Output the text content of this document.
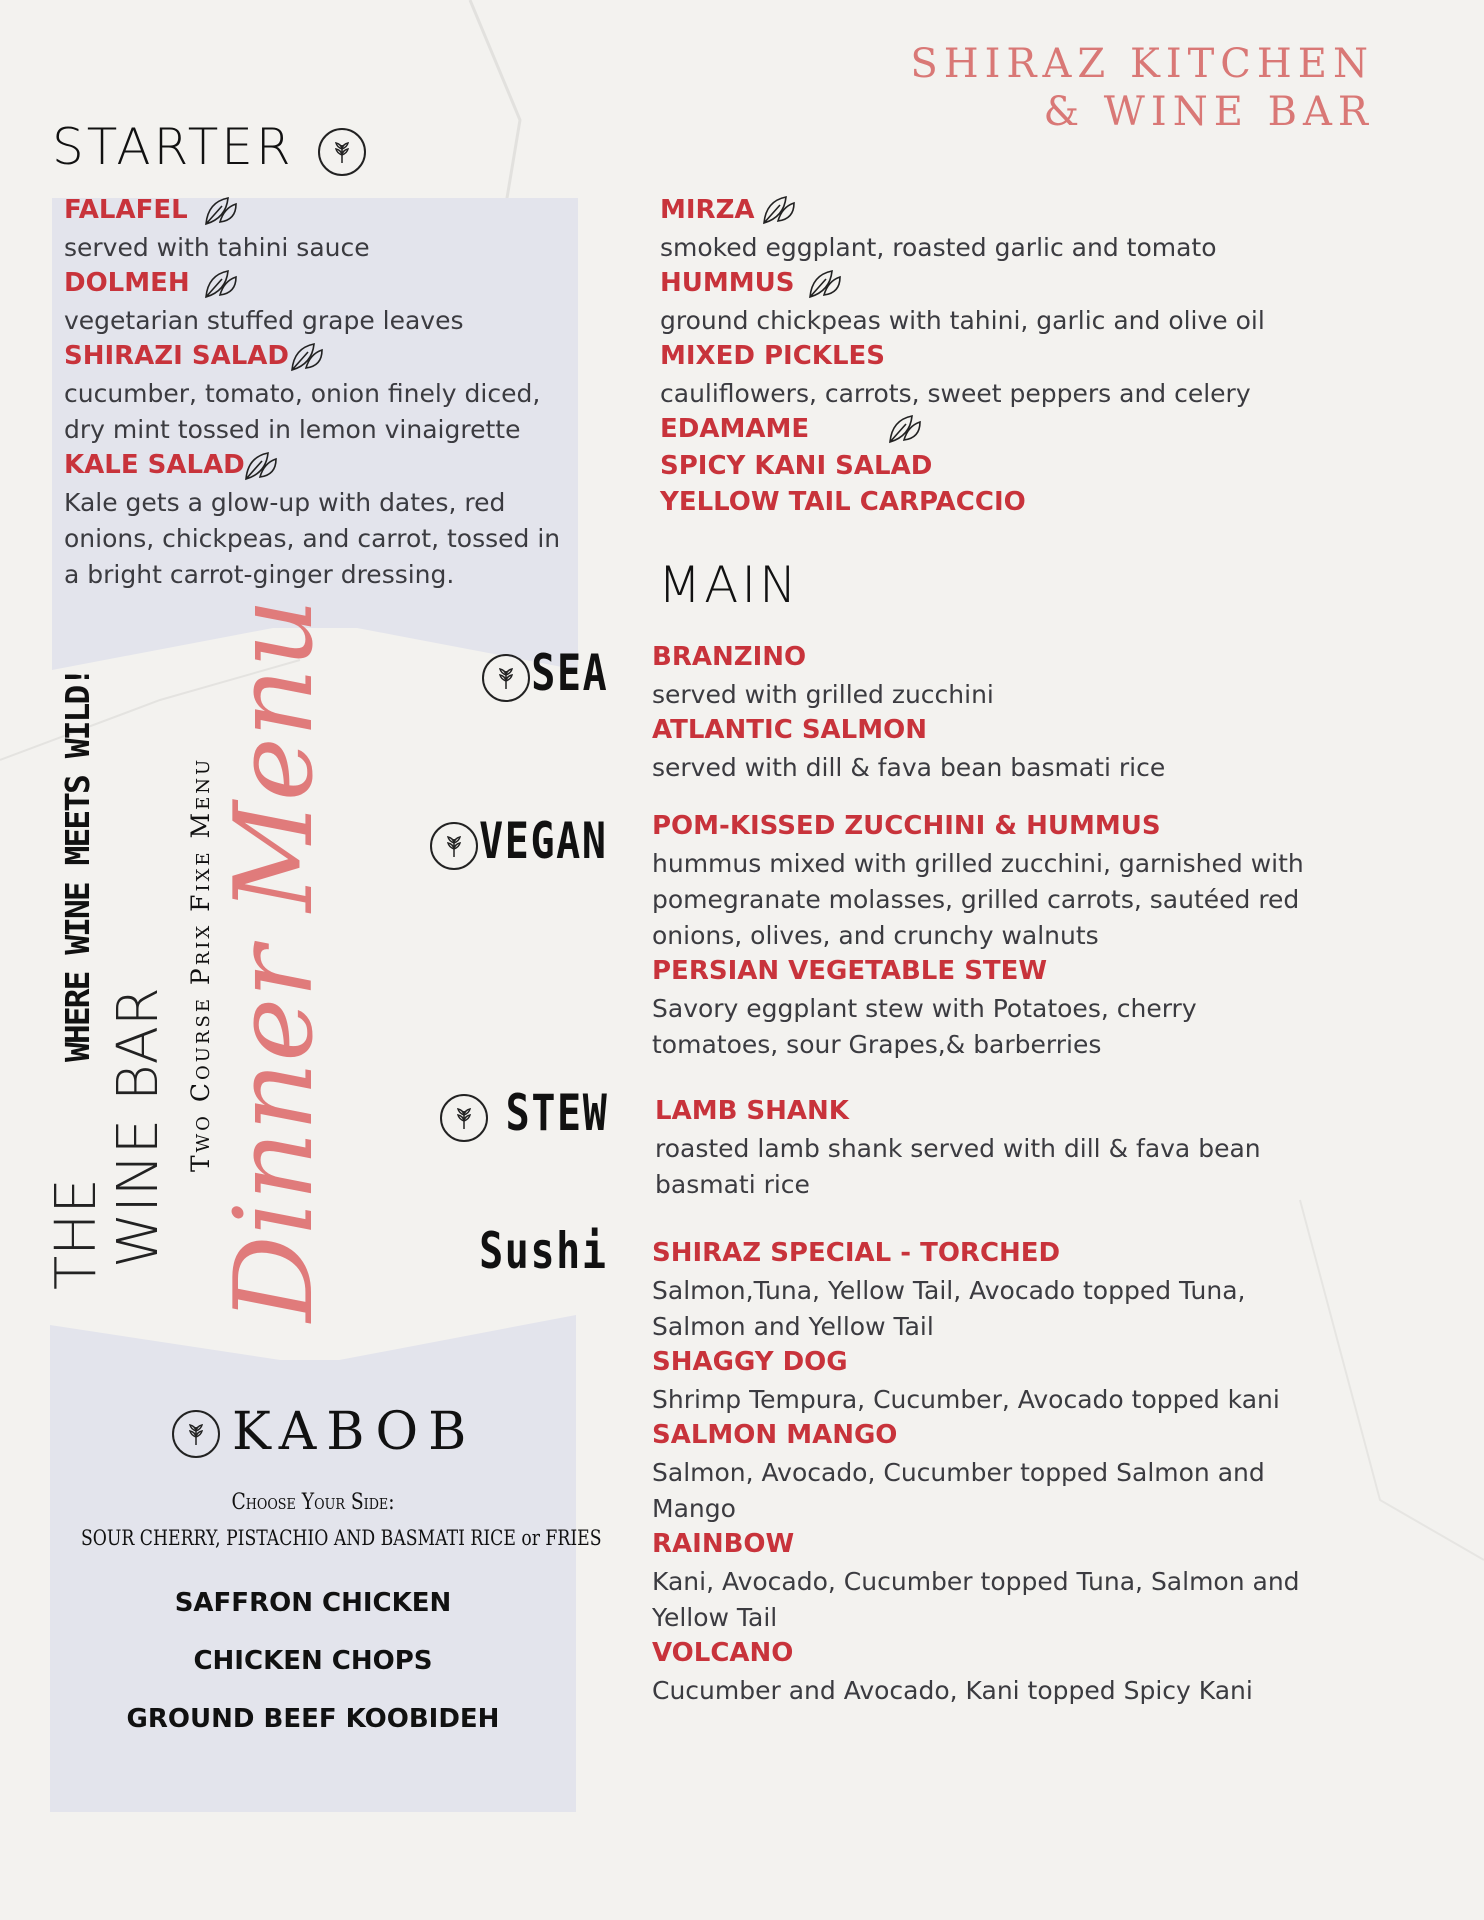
SHIRAZ KITCHEN
& WINE BAR
STARTER
FALAFEL
served with tahini sauce
DOLMEH
vegetarian stuffed grape leaves
SHIRAZI SALAD
cucumber, tomato, onion finely diced,
dry mint tossed in lemon vinaigrette
KALE SALAD
Kale gets a glow-up with dates, red
onions, chickpeas, and carrot, tossed in
a bright carrot-ginger dressing.
MIRZA
smoked eggplant, roasted garlic and tomato
HUMMUS
ground chickpeas with tahini, garlic and olive oil
MIXED PICKLES
cauliflowers, carrots, sweet peppers and celery
EDAMAME
SPICY KANI SALAD
YELLOW TAIL CARPACCIO
MAIN
SEA BRANZINO
served with grilled zucchini
ATLANTIC SALMON
served with dill & fava bean basmati rice
VEGAN POM-KISSED ZUCCHINI & HUMMUS
hummus mixed with grilled zucchini, garnished with
pomegranate molasses, grilled carrots, sautéed red
onions, olives, and crunchy walnuts
PERSIAN VEGETABLE STEW
Savory eggplant stew with Potatoes, cherry
tomatoes, sour Grapes,& barberries
STEW LAMB SHANK
roasted lamb shank served with dill & fava bean
basmati rice
Sushi SHIRAZ SPECIAL - TORCHED
Salmon,Tuna, Yellow Tail, Avocado topped Tuna,
Salmon and Yellow Tail
SHAGGY DOG
Shrimp Tempura, Cucumber, Avocado topped kani
SALMON MANGO
Salmon, Avocado, Cucumber topped Salmon and
Mango
RAINBOW
Kani, Avocado, Cucumber topped Tuna, Salmon and
Yellow Tail
VOLCANO
Cucumber and Avocado, Kani topped Spicy Kani
WHERE WINE MEETS WILD!
THE
WINE BAR Two Course Prix Fixe Menu
Dinner Menu
KABOB
Choose Your Side:
SOUR CHERRY, PISTACHIO AND BASMATI RICE or FRIES
SAFFRON CHICKEN
CHICKEN CHOPS
GROUND BEEF KOOBIDEH
